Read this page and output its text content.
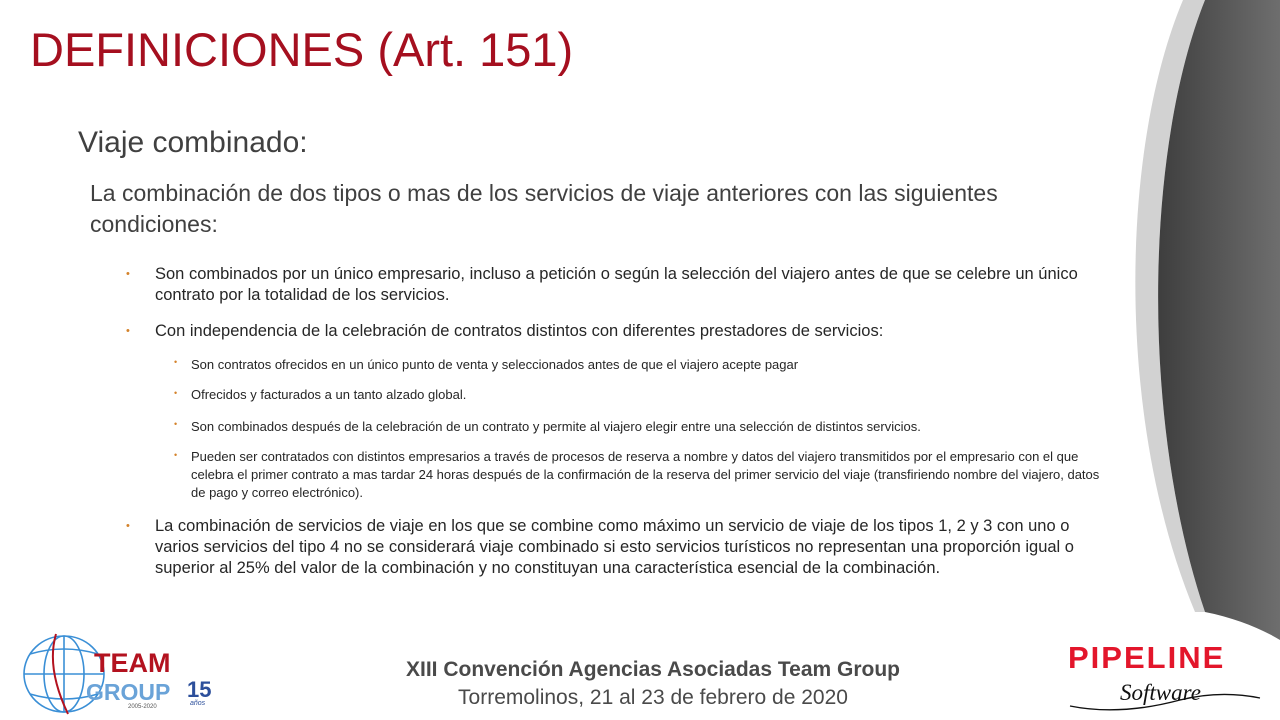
DEFINICIONES (Art. 151)
Viaje combinado:
La combinación de dos tipos o mas de los servicios de viaje anteriores con las siguientes condiciones:
• Son combinados por un único empresario, incluso a petición o según la selección del viajero antes de que se celebre un único contrato por la totalidad de los servicios.
• Con independencia de la celebración de contratos distintos con diferentes prestadores de servicios:
• Son contratos ofrecidos en un único punto de venta y seleccionados antes de que el viajero acepte pagar
• Ofrecidos y facturados a un tanto alzado global.
• Son combinados después de la celebración de un contrato y permite al viajero elegir entre una selección de distintos servicios.
• Pueden ser contratados con distintos empresarios a través de procesos de reserva a nombre y datos del viajero transmitidos por el empresario con el que celebra el primer contrato a mas tardar 24 horas después de la confirmación de la reserva del primer servicio del viaje (transfiriendo nombre del viajero, datos de pago y correo electrónico).
• La combinación de servicios de viaje en los que se combine como máximo un servicio de viaje de los tipos 1, 2 y 3 con uno o varios servicios del tipo 4 no se considerará viaje combinado si esto servicios turísticos no representan una proporción igual o superior al 25% del valor de la combinación y no constituyan una característica esencial de la combinación.
TEAM
GROUP 15
años
2005-2020
XIII Convención Agencias Asociadas Team Group
Torremolinos, 21 al 23 de febrero de 2020
PIPELINE
Software
